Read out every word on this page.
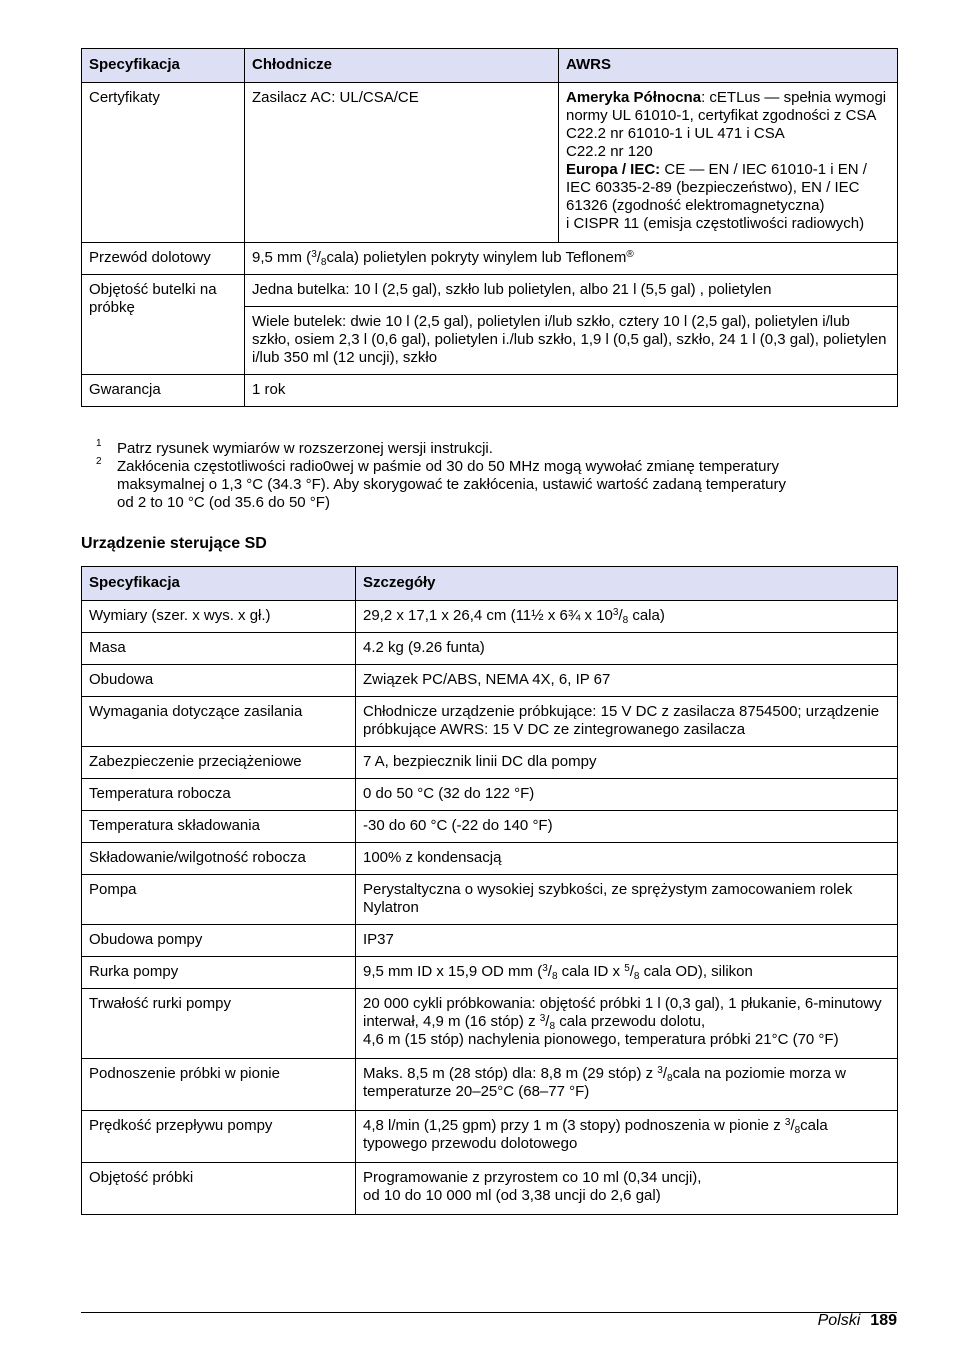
Specyfikacja	Chłodnicze	AWRS
Certyfikaty	Zasilacz AC: UL/CSA/CE	Ameryka Północna: cETLus — spełnia wymogi normy UL 61010-1, certyfikat zgodności z CSA
C22.2 nr 61010-1 i UL 471 i CSA
C22.2 nr 120
Europa / IEC: CE — EN / IEC 61010-1 i EN / IEC 60335-2-89 (bezpieczeństwo), EN / IEC 61326 (zgodność elektromagnetyczna)
i CISPR 11 (emisja częstotliwości radiowych)
Przewód dolotowy	9,5 mm $(^3/_8cala)$ polietylen pokryty winylem lub Teflonem®
Objętość butelki na próbkę	Jedna butelka: 10 l (2,5 gal), szkło lub polietylen, albo 21 l (5,5 gal) , polietylen	
	Wiele butelek: dwie 10 l (2,5 gal), polietylen i/lub szkło, cztery 10 l (2,5 gal), polietylen i/lub szkło, osiem 2,3 l (0,6 gal), polietylen i./lub szkło, 1,9 l (0,5 gal), szkło, 24 1 l (0,3 gal), polietylen i/lub 350 ml (12 uncji), szkło	
Gwarancja	1 rok	
1 Patrz rysunek wymiarów w rozszerzonej wersji instrukcji.
2 Zakłócenia częstotliwości radio0wej w paśmie od 30 do 50 MHz mogą wywołać zmianę temperatury
maksymalnej o 1,3 °C (34.3 °F). Aby skorygować te zakłócenia, ustawić wartość zadaną temperatury
od 2 to 10 °C (od 35.6 do 50 °F)
Urządzenie sterujące SD
Specyfikacja	Szczegóły
Wymiary (szer. x wys. x gł.)	29,2 x 17,1 x 26,4 cm (11½ x 6¾ x $10^3/_8$ cala)
Masa	4.2 kg (9.26 funta)
Obudowa	Związek PC/ABS, NEMA 4X, 6, IP 67
Wymagania dotyczące zasilania	Chłodnicze urządzenie próbkujące: 15 V DC z zasilacza 8754500; urządzenie próbkujące AWRS: 15 V DC ze zintegrowanego zasilacza
Zabezpieczenie przeciążeniowe	7 A, bezpiecznik linii DC dla pompy
Temperatura robocza	0 do 50 °C (32 do 122 °F)
Temperatura składowania	-30 do 60 °C (-22 do 140 °F)
Składowanie/wilgotność robocza	100% z kondensacją
Pompa	Perystaltyczna o wysokiej szybkości, ze sprężystym zamocowaniem rolek Nylatron
Obudowa pompy	IP37
Rurka pompy	9,5 mm ID x 15,9 OD mm ($^3/_8$ cala ID x $^5/_8$ cala OD), silikon
Trwałość rurki pompy	20 000 cykli próbkowania: objętość próbki 1 l (0,3 gal), 1 płukanie, 6-minutowy interwał, 4,9 m (16 stóp) z $^3/_8$ cala przewodu dolotu,
4,6 m (15 stóp) nachylenia pionowego, temperatura próbki 21°C (70 °F)
Podnoszenie próbki w pionie	Maks. 8,5 m (28 stóp) dla: 8,8 m (29 stóp) z $^3/_8cala$ na poziomie morza w temperaturze 20–25°C (68–77 °F)
Prędkość przepływu pompy	4,8 l/min (1,25 gpm) przy 1 m (3 stopy) podnoszenia w pionie z $^3/_8cala$ typowego przewodu dolotowego
Objętość próbki	Programowanie z przyrostem co 10 ml (0,34 uncji),
od 10 do 10 000 ml (od 3,38 uncji do 2,6 gal)
Polski 189
